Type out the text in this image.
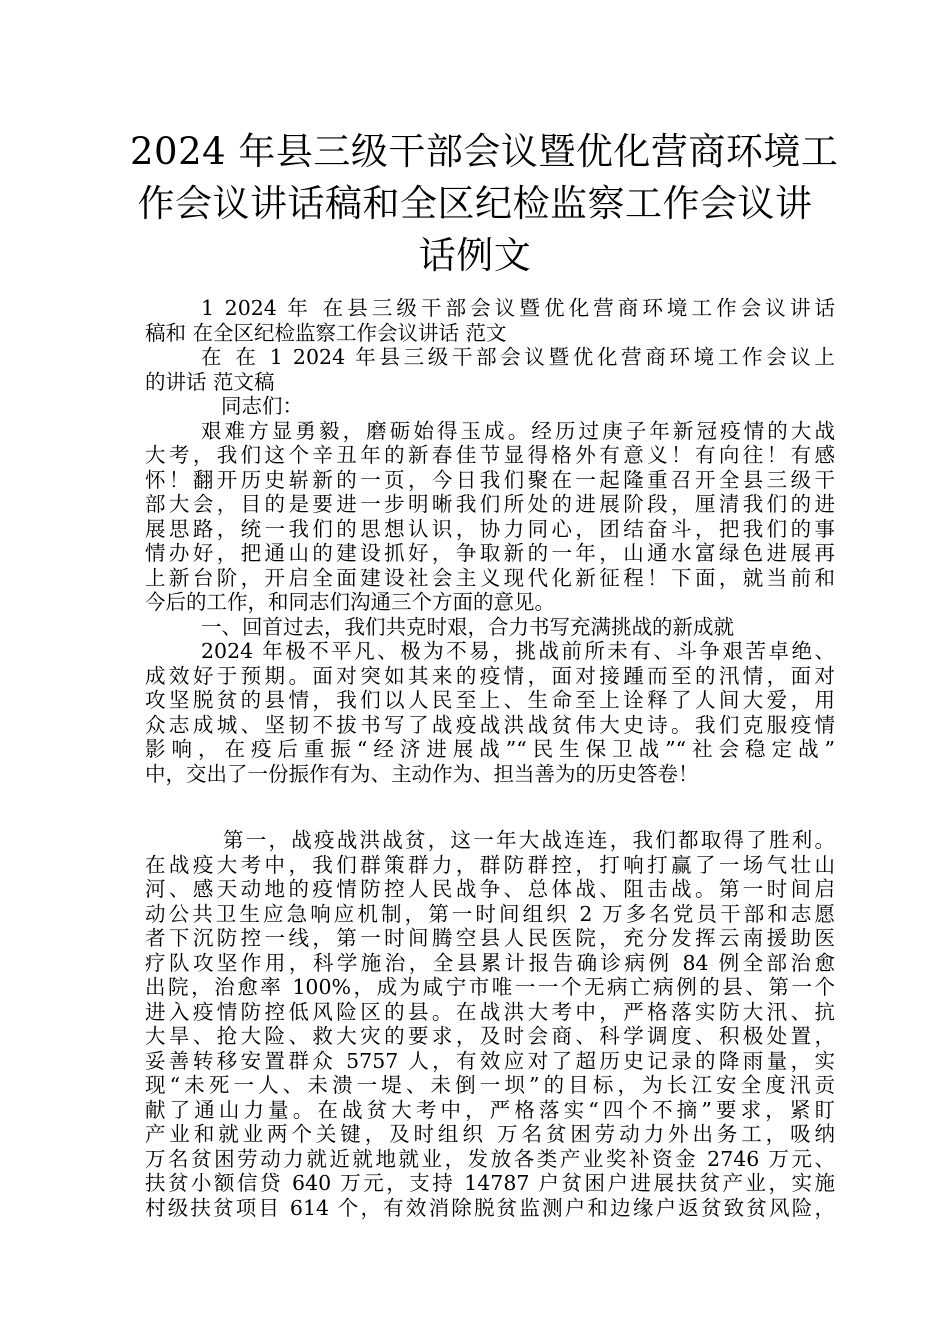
2024 年县三级干部会议暨优化营商环境工
作会议讲话稿和全区纪检监察工作会议讲
话例文
1 2024 年 在县三级干部会议暨优化营商环境工作会议讲话
稿和 在全区纪检监察工作会议讲话 范文
在 在 1 2024 年县三级干部会议暨优化营商环境工作会议上
的讲话 范文稿
同志们：
艰难方显勇毅，磨砺始得玉成。经历过庚子年新冠疫情的大战
大考，我们这个辛丑年的新春佳节显得格外有意义！有向往！有感
怀！翻开历史崭新的一页，今日我们聚在一起隆重召开全县三级干
部大会，目的是要进一步明晰我们所处的进展阶段，厘清我们的进
展思路，统一我们的思想认识，协力同心，团结奋斗，把我们的事
情办好，把通山的建设抓好，争取新的一年，山通水富绿色进展再
上新台阶，开启全面建设社会主义现代化新征程！下面，就当前和
今后的工作，和同志们沟通三个方面的意见。
一、回首过去，我们共克时艰，合力书写充满挑战的新成就
2024 年极不平凡、极为不易，挑战前所未有、斗争艰苦卓绝、
成效好于预期。面对突如其来的疫情，面对接踵而至的汛情，面对
攻坚脱贫的县情，我们以人民至上、生命至上诠释了人间大爱，用
众志成城、坚韧不拔书写了战疫战洪战贫伟大史诗。我们克服疫情
影响，在疫后重振“经济进展战”“民生保卫战”“社会稳定战”
中，交出了一份振作有为、主动作为、担当善为的历史答卷！
第一，战疫战洪战贫，这一年大战连连，我们都取得了胜利。
在战疫大考中，我们群策群力，群防群控，打响打赢了一场气壮山
河、感天动地的疫情防控人民战争、总体战、阻击战。第一时间启
动公共卫生应急响应机制，第一时间组织 2 万多名党员干部和志愿
者下沉防控一线，第一时间腾空县人民医院，充分发挥云南援助医
疗队攻坚作用，科学施治，全县累计报告确诊病例 84 例全部治愈
出院，治愈率 100%，成为咸宁市唯一一个无病亡病例的县、第一个
进入疫情防控低风险区的县。在战洪大考中，严格落实防大汛、抗
大旱、抢大险、救大灾的要求，及时会商、科学调度、积极处置，
妥善转移安置群众 5757 人，有效应对了超历史记录的降雨量，实
现“未死一人、未溃一堤、未倒一坝”的目标，为长江安全度汛贡
献了通山力量。在战贫大考中，严格落实“四个不摘”要求，紧盯
产业和就业两个关键，及时组织 万名贫困劳动力外出务工，吸纳
万名贫困劳动力就近就地就业，发放各类产业奖补资金 2746 万元、
扶贫小额信贷 640 万元，支持 14787 户贫困户进展扶贫产业，实施
村级扶贫项目 614 个，有效消除脱贫监测户和边缘户返贫致贫风险，
